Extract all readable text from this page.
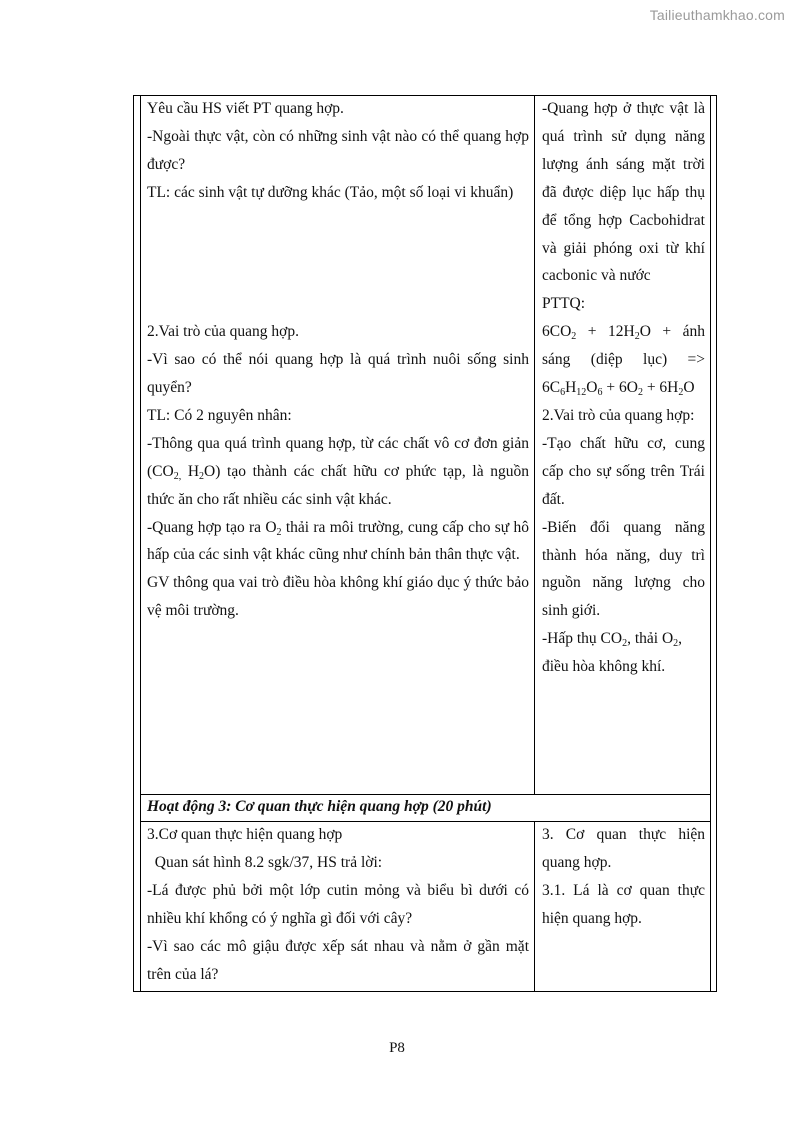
Tailieuthamkhao.com

Yêu cầu HS viết PT quang hợp.

-Ngoài thực vật, còn có những sinh vật nào có thể quang hợp được?

TL: các sinh vật tự dưỡng khác (Tảo, một số loại vi khuẩn)

2.Vai trò của quang hợp.

-Vì sao có thể nói quang hợp là quá trình nuôi sống sinh quyển?

TL: Có 2 nguyên nhân:

-Thông qua quá trình quang hợp, từ các chất vô cơ đơn giản ($CO_{2,}$ $H_2O$) tạo thành các chất hữu cơ phức tạp, là nguồn thức ăn cho rất nhiều các sinh vật khác.

-Quang hợp tạo ra $O_2$ thải ra môi trường, cung cấp cho sự hô hấp của các sinh vật khác cũng như chính bản thân thực vật.

GV thông qua vai trò điều hòa không khí giáo dục ý thức bảo vệ môi trường.

-Quang hợp ở thực vật là quá trình sử dụng năng lượng ánh sáng mặt trời đã được diệp lục hấp thụ để tổng hợp Cacbohidrat và giải phóng oxi từ khí cacbonic và nước

PTTQ:

$6CO_2 + 12H_2O$ + ánh sáng (diệp lục) => $6C_6H_{12}O_6 + 6O_2 + 6H_2O$

2.Vai trò của quang hợp:

-Tạo chất hữu cơ, cung cấp cho sự sống trên Trái đất.

-Biến đổi quang năng thành hóa năng, duy trì nguồn năng lượng cho sinh giới.

-Hấp thụ $CO_2$, thải $O_2$, điều hòa không khí.

Hoạt động 3: Cơ quan thực hiện quang hợp (20 phút)

3.Cơ quan thực hiện quang hợp

Quan sát hình 8.2 sgk/37, HS trả lời:

-Lá được phủ bởi một lớp cutin mỏng và biểu bì dưới có nhiều khí khổng có ý nghĩa gì đối với cây?

-Vì sao các mô giậu được xếp sát nhau và nằm ở gần mặt trên của lá?

3. Cơ quan thực hiện quang hợp.

3.1. Lá là cơ quan thực hiện quang hợp.

P8
